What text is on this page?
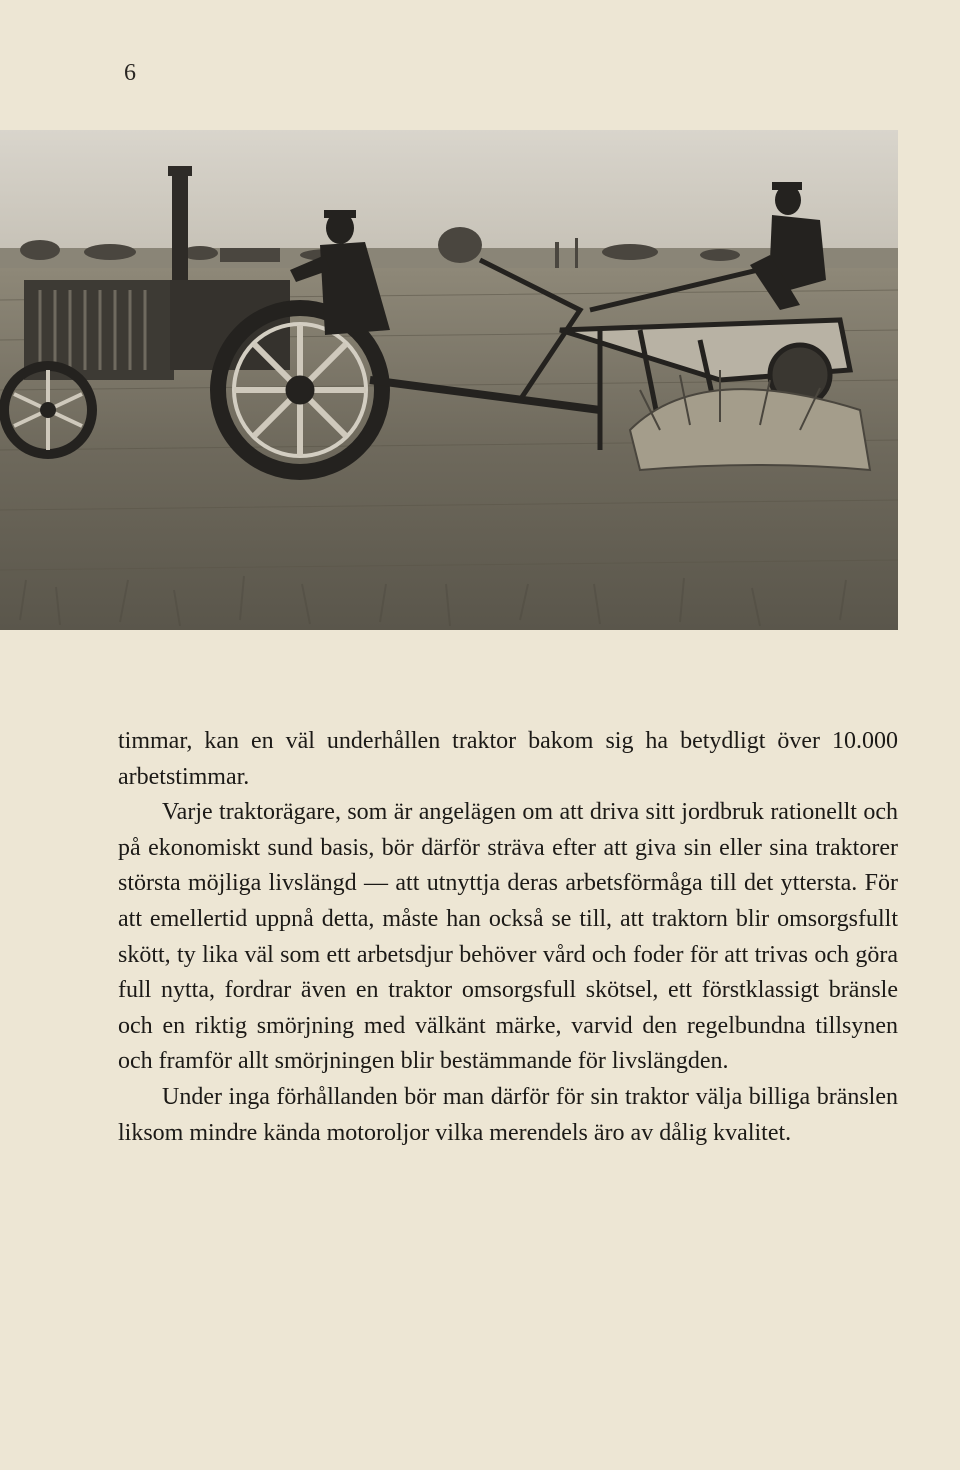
6

timmar, kan en väl underhållen traktor bakom sig ha betydligt över 10.000 arbetstimmar.

Varje traktorägare, som är angelägen om att driva sitt jordbruk rationellt och på ekonomiskt sund basis, bör därför sträva efter att giva sin eller sina traktorer största möjliga livslängd — att utnyttja deras arbetsförmåga till det yttersta. För att emellertid uppnå detta, måste han också se till, att traktorn blir omsorgsfullt skött, ty lika väl som ett arbetsdjur behöver vård och foder för att trivas och göra full nytta, fordrar även en traktor omsorgsfull skötsel, ett förstklassigt bränsle och en riktig smörjning med välkänt märke, varvid den regelbundna tillsynen och framför allt smörjningen blir bestämmande för livslängden.

Under inga förhållanden bör man därför för sin traktor välja billiga bränslen liksom mindre kända motoroljor vilka merendels äro av dålig kvalitet.
